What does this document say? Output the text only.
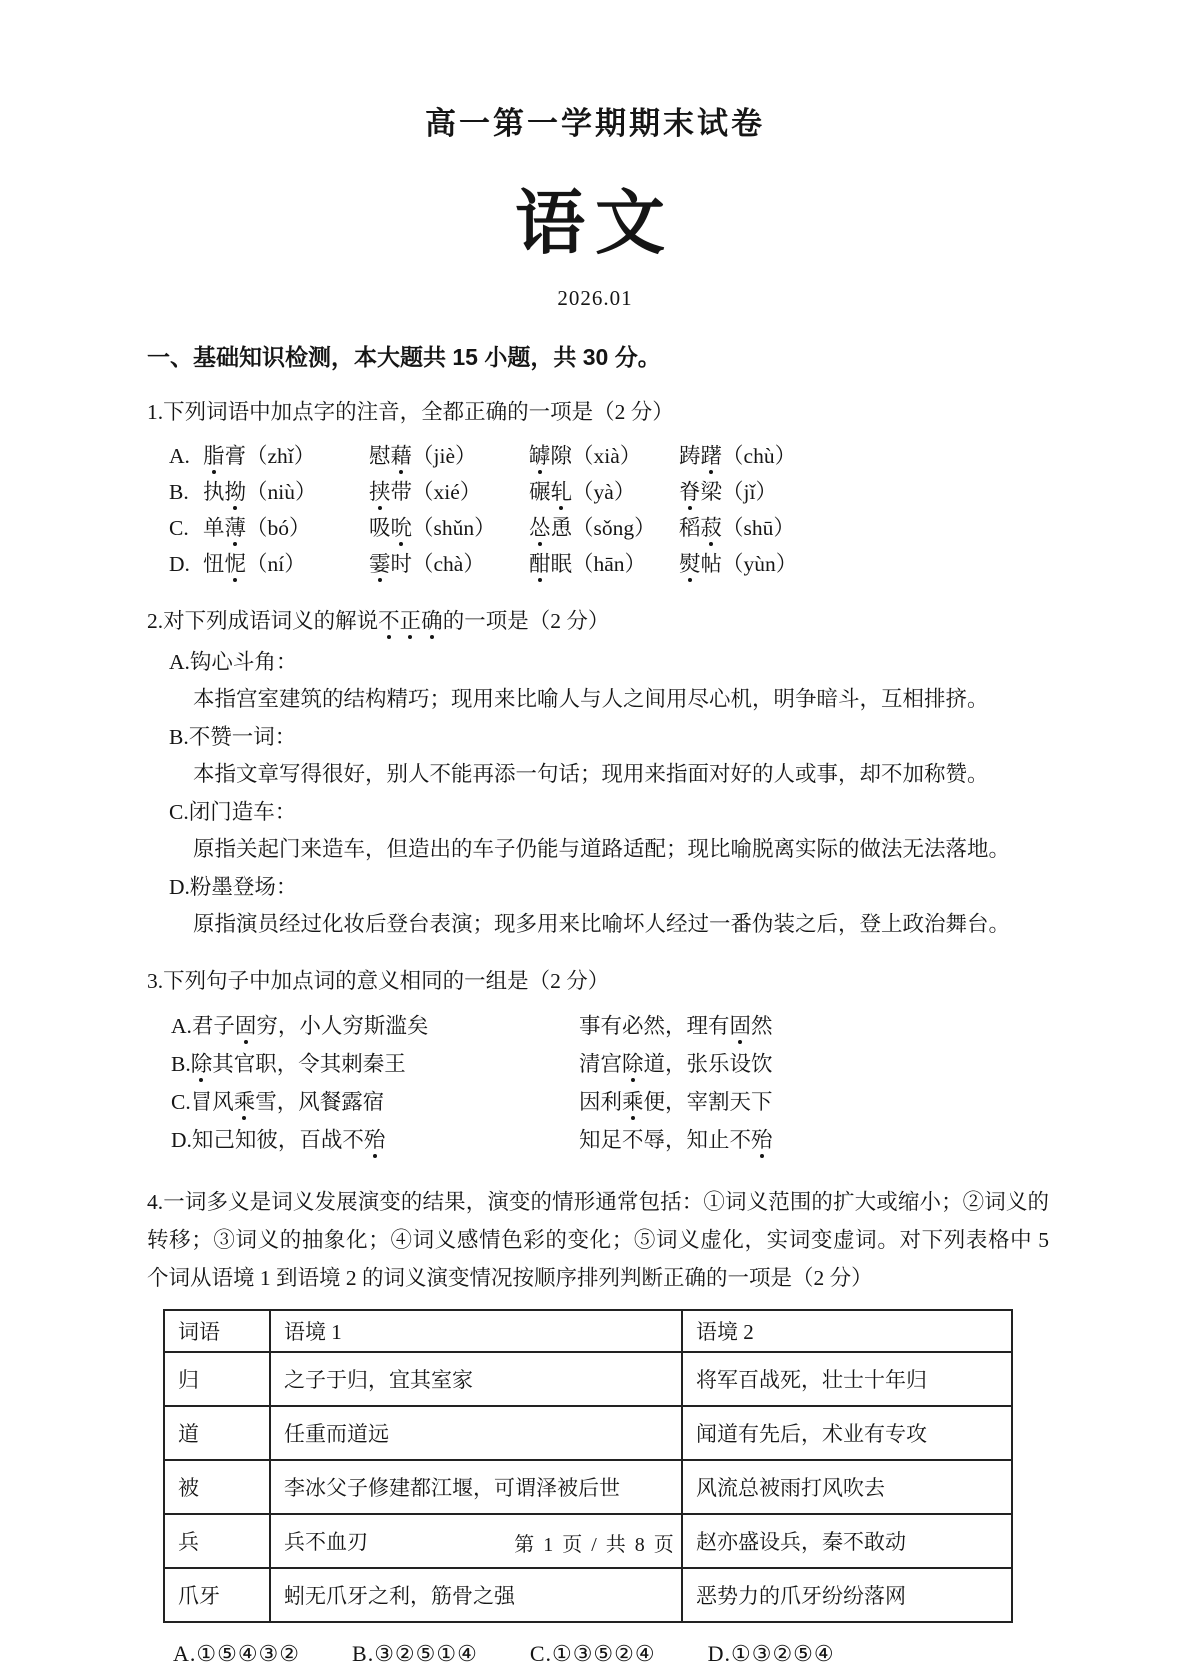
高一第一学期期末试卷
语文
2026.01
一、基础知识检测，本大题共 15 小题，共 30 分。
1.下列词语中加点字的注音，全都正确的一项是（2 分）
A. 脂膏（zhǐ）	慰藉（jiè）	罅隙（xià）	踌躇（chù）
B. 执拗（niù）	挟带（xié）	碾轧（yà）	脊梁（jǐ）
C. 单薄（bó）	吸吮（shǔn）	怂恿（sǒng）	稻菽（shū）
D. 忸怩（ní）	霎时（chà）	酣眠（hān）	熨帖（yùn）
2.对下列成语词义的解说不正确的一项是（2 分）
A.钩心斗角：
本指宫室建筑的结构精巧；现用来比喻人与人之间用尽心机，明争暗斗，互相排挤。
B.不赞一词：
本指文章写得很好，别人不能再添一句话；现用来指面对好的人或事，却不加称赞。
C.闭门造车：
原指关起门来造车，但造出的车子仍能与道路适配；现比喻脱离实际的做法无法落地。
D.粉墨登场：
原指演员经过化妆后登台表演；现多用来比喻坏人经过一番伪装之后，登上政治舞台。
3.下列句子中加点词的意义相同的一组是（2 分）
A.君子固穷，小人穷斯滥矣	事有必然，理有固然
B.除其官职，令其刺秦王	清宫除道，张乐设饮
C.冒风乘雪，风餐露宿	因利乘便，宰割天下
D.知己知彼，百战不殆	知足不辱，知止不殆
4.一词多义是词义发展演变的结果，演变的情形通常包括：①词义范围的扩大或缩小；②词义的转移；③词义的抽象化；④词义感情色彩的变化；⑤词义虚化，实词变虚词。对下列表格中 5 个词从语境 1 到语境 2 的词义演变情况按顺序排列判断正确的一项是（2 分）
词语	语境 1	语境 2
归	之子于归，宜其室家	将军百战死，壮士十年归
道	任重而道远	闻道有先后，术业有专攻
被	李冰父子修建都江堰，可谓泽被后世	风流总被雨打风吹去
兵	兵不血刃	赵亦盛设兵，秦不敢动
爪牙	蚓无爪牙之利，筋骨之强	恶势力的爪牙纷纷落网
A.①⑤④③② B.③②⑤①④ C.①③⑤②④ D.①③②⑤④
第 1 页 / 共 8 页
